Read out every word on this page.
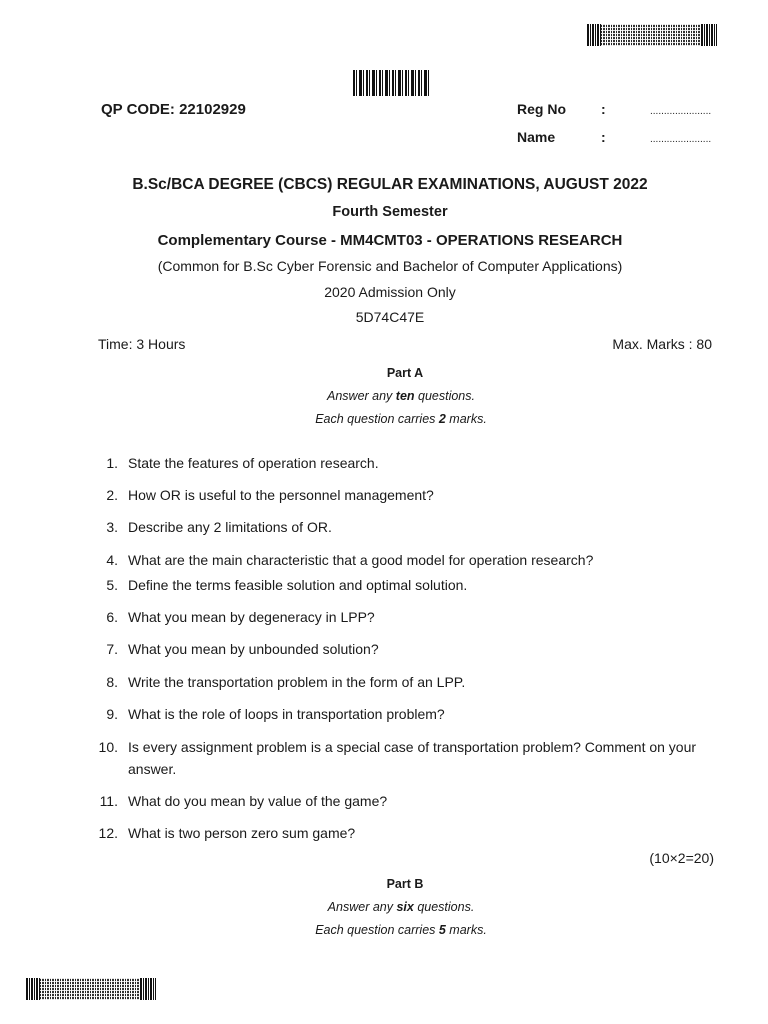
QP CODE: 22102929	Reg No	:	......................
Name	:	......................
B.Sc/BCA DEGREE (CBCS) REGULAR EXAMINATIONS, AUGUST 2022
Fourth Semester
Complementary Course - MM4CMT03 - OPERATIONS RESEARCH
(Common for B.Sc Cyber Forensic and Bachelor of Computer Applications)
2020 Admission Only
5D74C47E
Time: 3 Hours	Max. Marks : 80
Part A
Answer any ten questions.
Each question carries 2 marks.
1. State the features of operation research.
2. How OR is useful to the personnel management?
3. Describe any 2 limitations of OR.
4. What are the main characteristic that a good model for operation research?
5. Define the terms feasible solution and optimal solution.
6. What you mean by degeneracy in LPP?
7. What you mean by unbounded solution?
8. Write the transportation problem in the form of an LPP.
9. What is the role of loops in transportation problem?
10. Is every assignment problem is a special case of transportation problem? Comment on your answer.
11. What do you mean by value of the game?
12. What is two person zero sum game?
(10×2=20)
Part B
Answer any six questions.
Each question carries 5 marks.
